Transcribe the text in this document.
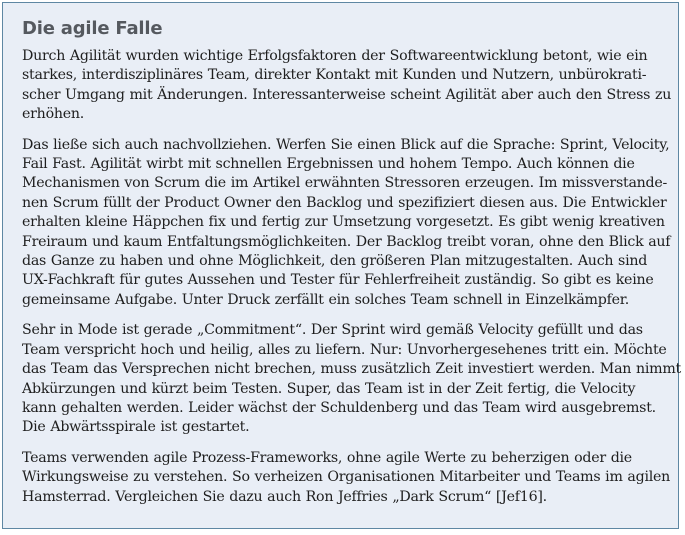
Die agile Falle

Durch Agilität wurden wichtige Erfolgsfaktoren der Softwareentwicklung betont, wie ein
starkes, interdisziplinäres Team, direkter Kontakt mit Kunden und Nutzern, unbürokrati-
scher Umgang mit Änderungen. Interessanterweise scheint Agilität aber auch den Stress zu
erhöhen.

Das ließe sich auch nachvollziehen. Werfen Sie einen Blick auf die Sprache: Sprint, Velocity,
Fail Fast. Agilität wirbt mit schnellen Ergebnissen und hohem Tempo. Auch können die
Mechanismen von Scrum die im Artikel erwähnten Stressoren erzeugen. Im missverstande-
nen Scrum füllt der Product Owner den Backlog und spezifiziert diesen aus. Die Entwickler
erhalten kleine Häppchen fix und fertig zur Umsetzung vorgesetzt. Es gibt wenig kreativen
Freiraum und kaum Entfaltungsmöglichkeiten. Der Backlog treibt voran, ohne den Blick auf
das Ganze zu haben und ohne Möglichkeit, den größeren Plan mitzugestalten. Auch sind
UX-Fachkraft für gutes Aussehen und Tester für Fehlerfreiheit zuständig. So gibt es keine
gemeinsame Aufgabe. Unter Druck zerfällt ein solches Team schnell in Einzelkämpfer.

Sehr in Mode ist gerade „Commitment“. Der Sprint wird gemäß Velocity gefüllt und das
Team verspricht hoch und heilig, alles zu liefern. Nur: Unvorhergesehenes tritt ein. Möchte
das Team das Versprechen nicht brechen, muss zusätzlich Zeit investiert werden. Man nimmt
Abkürzungen und kürzt beim Testen. Super, das Team ist in der Zeit fertig, die Velocity
kann gehalten werden. Leider wächst der Schuldenberg und das Team wird ausgebremst.
Die Abwärtsspirale ist gestartet.

Teams verwenden agile Prozess-Frameworks, ohne agile Werte zu beherzigen oder die
Wirkungsweise zu verstehen. So verheizen Organisationen Mitarbeiter und Teams im agilen
Hamsterrad. Vergleichen Sie dazu auch Ron Jeffries „Dark Scrum“ [Jef16].
